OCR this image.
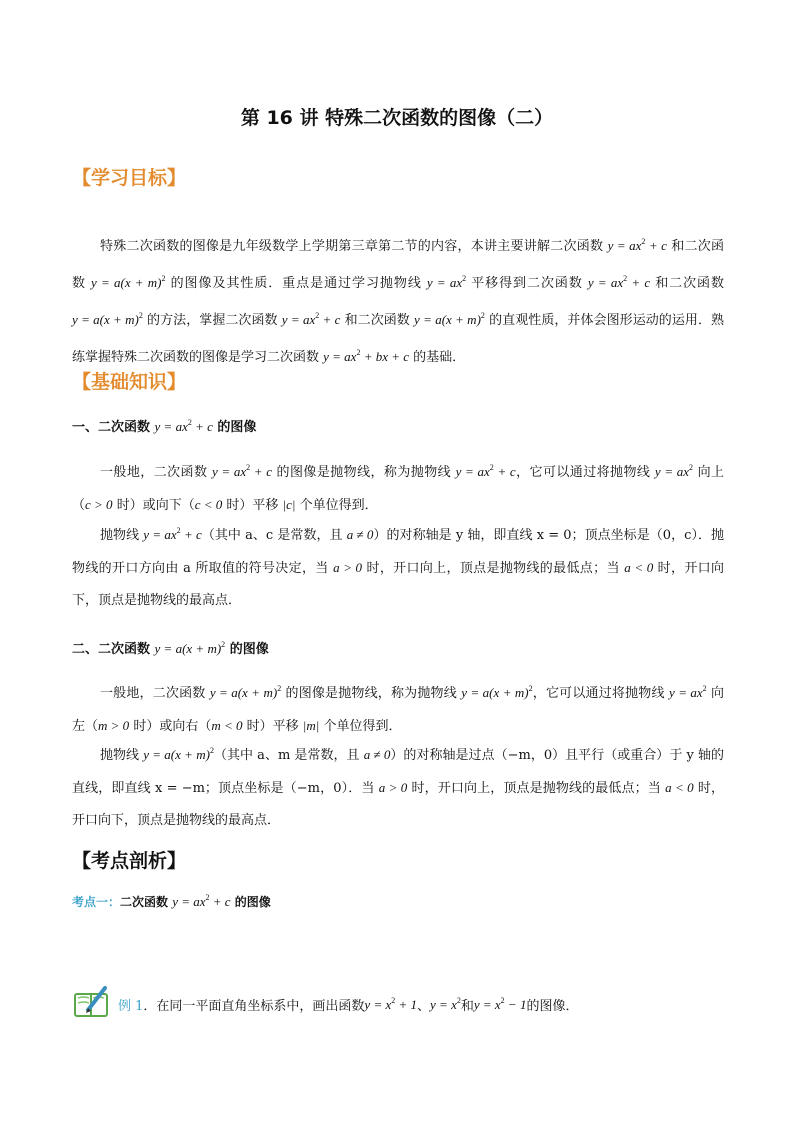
第 16 讲 特殊二次函数的图像（二）
【学习目标】
特殊二次函数的图像是九年级数学上学期第三章第二节的内容，本讲主要讲解二次函数 $y = ax^2 + c$ 和二次函数 $y = a(x + m)^2$ 的图像及其性质．重点是通过学习抛物线 $y = ax^2$ 平移得到二次函数 $y = ax^2 + c$ 和二次函数 $y = a(x + m)^2$ 的方法，掌握二次函数 $y = ax^2 + c$ 和二次函数 $y = a(x + m)^2$ 的直观性质，并体会图形运动的运用．熟练掌握特殊二次函数的图像是学习二次函数 $y = ax^2$ + bx + c 的基础．
【基础知识】
一、二次函数 $y = ax^2 + c$ 的图像
一般地，二次函数 $y = ax^2 + c$ 的图像是抛物线，称为抛物线 $y = ax^2 + c$，它可以通过将抛物线 $y = ax^2$ 向上（c > 0 时）或向下（c < 0 时）平移 |c| 个单位得到．
抛物线 $y = ax^2 + c$（其中 a、c 是常数，且 a ≠ 0）的对称轴是 y 轴，即直线 x = 0；顶点坐标是（0，c）．抛物线的开口方向由 a 所取值的符号决定，当 a > 0 时，开口向上，顶点是抛物线的最低点；当 a < 0 时，开口向下，顶点是抛物线的最高点．
二、二次函数 $y = a(x + m)^2$ 的图像
一般地，二次函数 $y = a(x + m)^2$ 的图像是抛物线，称为抛物线 $y = a(x + m)^2$，它可以通过将抛物线 $y = ax^2$ 向左（m > 0 时）或向右（m < 0 时）平移 |m| 个单位得到．
抛物线 $y = a(x + m)^2$（其中 a、m 是常数，且 a ≠ 0）的对称轴是过点（−m，0）且平行（或重合）于 y 轴的直线，即直线 x = −m；顶点坐标是（−m，0）．当 a > 0 时，开口向上，顶点是抛物线的最低点；当 a < 0 时，开口向下，顶点是抛物线的最高点．
【考点剖析】
考点一：二次函数 $y = ax^2 + c$ 的图像
例 1 ．在同一平面直角坐标系中，画出函数 $y = x^2 + 1$ 、 $y = x^2$ 和 $y = x^2 - 1$ 的图像．
